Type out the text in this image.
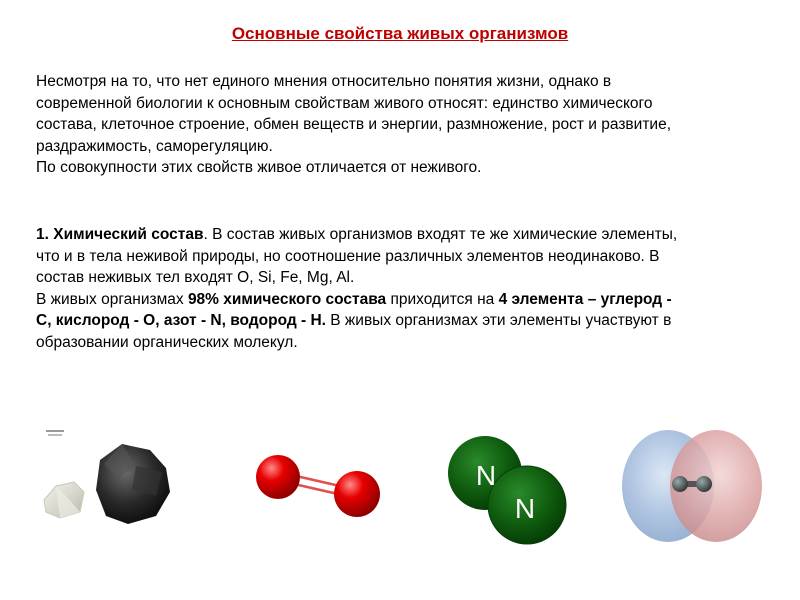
Основные свойства живых организмов

Несмотря на то, что нет единого мнения относительно понятия жизни, однако в
современной биологии к основным свойствам живого относят: единство химического
состава, клеточное строение, обмен веществ и энергии, размножение, рост и развитие,
раздражимость, саморегуляцию.
По совокупности этих свойств живое отличается от неживого.

1. Химический состав. В состав живых организмов входят те же химические элементы,
что и в тела неживой природы, но соотношение различных элементов неодинаково. В
состав неживых тел входят O, Si, Fe, Mg, Al.
В живых организмах 98% химического состава приходится на 4 элемента – углерод -
С, кислород - О, азот - N, водород - Н. В живых организмах эти элементы участвуют в
образовании органических молекул.

N
N
